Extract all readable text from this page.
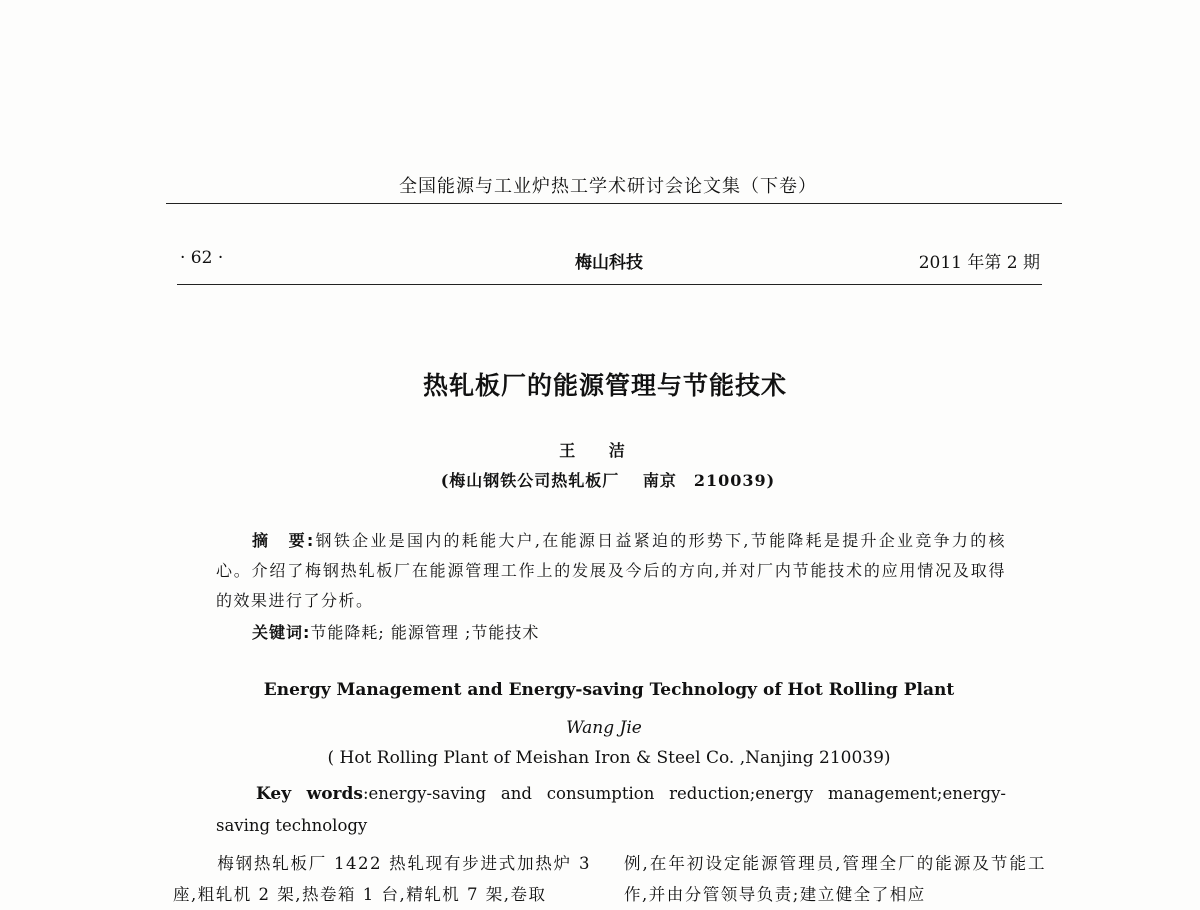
全国能源与工业炉热工学术研讨会论文集（下卷）
· 62 ·	梅山科技	2011 年第 2 期
热轧板厂的能源管理与节能技术
王 洁
(梅山钢铁公司热轧板厂　 南京　210039)
摘　要:钢铁企业是国内的耗能大户,在能源日益紧迫的形势下,节能降耗是提升企业竞争力的核心。介绍了梅钢热轧板厂在能源管理工作上的发展及今后的方向,并对厂内节能技术的应用情况及取得的效果进行了分析。
关键词:节能降耗; 能源管理 ;节能技术
Energy Management and Energy-saving Technology of Hot Rolling Plant
Wang Jie
( Hot Rolling Plant of Meishan Iron & Steel Co. ,Nanjing 210039)
Key words:energy-saving and consumption reduction;energy management;energy-saving technology
梅钢热轧板厂 1422 热轧现有步进式加热炉 3 座,粗轧机 2 架,热卷箱 1 台,精轧机 7 架,卷取
例,在年初设定能源管理员,管理全厂的能源及节能工作,并由分管领导负责;建立健全了相应
